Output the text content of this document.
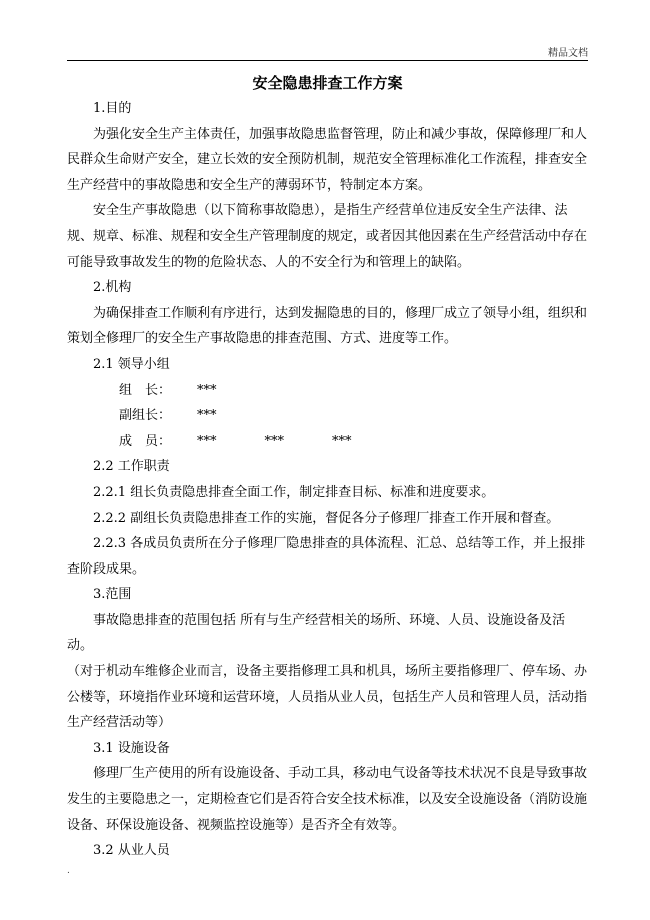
精品文档
安全隐患排查工作方案

1.目的

为强化安全生产主体责任，加强事故隐患监督管理，防止和减少事故，保障修理厂和人民群众生命财产安全，建立长效的安全预防机制，规范安全管理标准化工作流程，排查安全生产经营中的事故隐患和安全生产的薄弱环节，特制定本方案。

安全生产事故隐患（以下简称事故隐患），是指生产经营单位违反安全生产法律、法规、规章、标准、规程和安全生产管理制度的规定，或者因其他因素在生产经营活动中存在可能导致事故发生的物的危险状态、人的不安全行为和管理上的缺陷。

2.机构

为确保排查工作顺利有序进行，达到发掘隐患的目的，修理厂成立了领导小组，组织和策划全修理厂的安全生产事故隐患的排查范围、方式、进度等工作。

2.1 领导小组

组　长： ***

副组长： ***

成　员： ***	***	***

2.2 工作职责

2.2.1 组长负责隐患排查全面工作，制定排查目标、标准和进度要求。

2.2.2 副组长负责隐患排查工作的实施，督促各分子修理厂排查工作开展和督查。

2.2.3 各成员负责所在分子修理厂隐患排查的具体流程、汇总、总结等工作，并上报排查阶段成果。

3.范围

事故隐患排查的范围包括 所有与生产经营相关的场所、环境、人员、设施设备及活动。

（对于机动车维修企业而言，设备主要指修理工具和机具，场所主要指修理厂、停车场、办公楼等，环境指作业环境和运营环境，人员指从业人员，包括生产人员和管理人员，活动指生产经营活动等）

3.1 设施设备

修理厂生产使用的所有设施设备、手动工具，移动电气设备等技术状况不良是导致事故发生的主要隐患之一，定期检查它们是否符合安全技术标准，以及安全设施设备（消防设施设备、环保设施设备、视频监控设施等）是否齐全有效等。

3.2 从业人员

.
